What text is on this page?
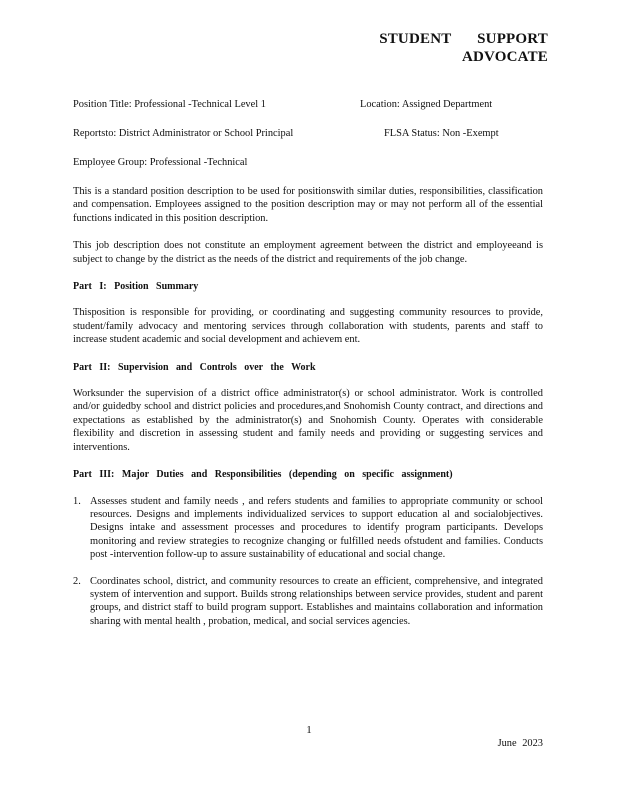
STUDENT SUPPORT
ADVOCATE
Position Title: Professional -Technical Level 1	Location: Assigned Department
Reportsto: District Administrator or School Principal	FLSA Status: Non -Exempt
Employee Group: Professional -Technical

This is a standard position description to be used for positionswith similar duties, responsibilities, classification and compensation. Employees assigned to the position description may or may not perform all of the essential functions indicated in this position description.

This job description does not constitute an employment agreement between the district and employeeand is subject to change by the district as the needs of the district and requirements of the job change.

Part I: Position Summary

Thisposition is responsible for providing, or coordinating and suggesting community resources to provide, student/family advocacy and mentoring services through collaboration with students, parents and staff to increase student academic and social development and achievem ent.

Part II: Supervision and Controls over the Work

Worksunder the supervision of a district office administrator(s) or school administrator. Work is controlled and/or guidedby school and district policies and procedures,and Snohomish County contract, and directions and expectations as established by the administrator(s) and Snohomish County. Operates with considerable flexibility and discretion in assessing student and family needs and providing or suggesting services and interventions.

Part III: Major Duties and Responsibilities (depending on specific assignment)
1. Assesses student and family needs , and refers students and families to appropriate community or school resources. Designs and implements individualized services to support education al and socialobjectives. Designs intake and assessment processes and procedures to identify program participants. Develops monitoring and review strategies to recognize changing or fulfilled needs ofstudent and families. Conducts post -intervention follow-up to assure sustainability of educational and social change.
2. Coordinates school, district, and community resources to create an efficient, comprehensive, and integrated system of intervention and support. Builds strong relationships between service provides, student and parent groups, and district staff to build program support. Establishes and maintains collaboration and information sharing with mental health , probation, medical, and social services agencies.
1
June 2023
